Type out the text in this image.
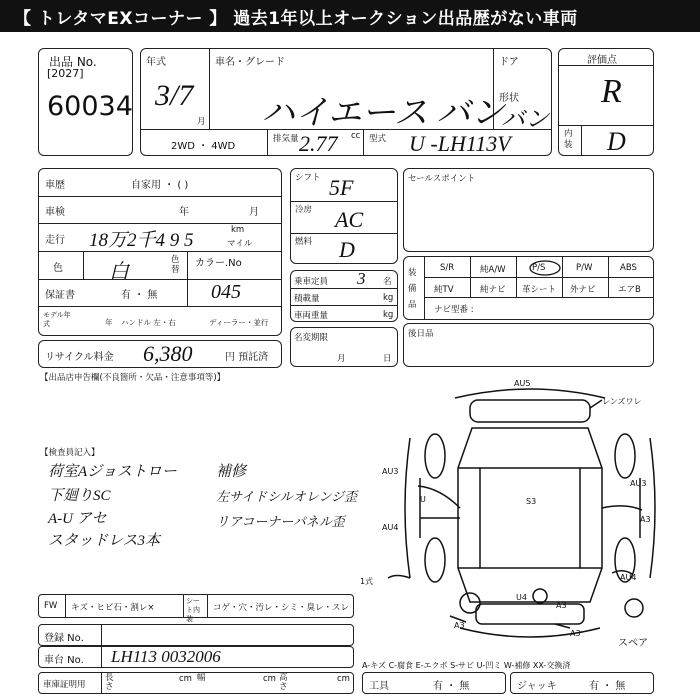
【 トレタマEXコーナー 】 過去1年以上オークション出品歴がない車両
出品 No.
[2027]
60034
年式
3/7
月
車名・グレード
ハイエース バン
ドア
形状
バン
2WD ・ 4WD
排気量 2.77 cc 型式 U -LH113V
評価点
R
内装 D
車歴	自家用 ・ ( )
車検	年	月
走行 18万2千4 9 5	km
マイル
色 白
色替
カラー.No
045
保証書	有 ・ 無
モデル年式	年 ハンドル 左・右	ディーラー・並行
リサイクル料金 6,380	円 預託済
【出品店申告欄(不良箇所・欠品・注意事項等)】
シフト 5F
冷房 AC
燃料 D
乗車定員 3 名
積載量	kg
車両重量	kg
名変期限
月	日
セールスポイント
装備品
S/R	純A/W	P/S	P/W	ABS
純TV	純ナビ 革シート 外ナビ	エアB
ナビ型番 :
後日品
【検査員記入】
荷室Aジョストロー
下廻りSC
A-U アセ
スタッドレス3本
補修
左サイドシルオレンジ歪
リアコーナーパネル歪
AU5
レンズワレ
AU3
AU4
A3
AU3
AU4
U4
A3
A3
A3
1式
U	S3
スペア
FW キズ・ヒビ石・割レ×
シート内装
コゲ・穴・汚レ・シミ・臭レ・スレ
登録 No.
車台 No. LH113 0032006	A-キズ C-腐食 E-エクボ S-サビ U-凹ミ W-補修 XX-交換済
車庫証明用
長さ
cm 幅	cm 高さ
cm
工具	有 ・ 無	ジャッキ	有 ・ 無
